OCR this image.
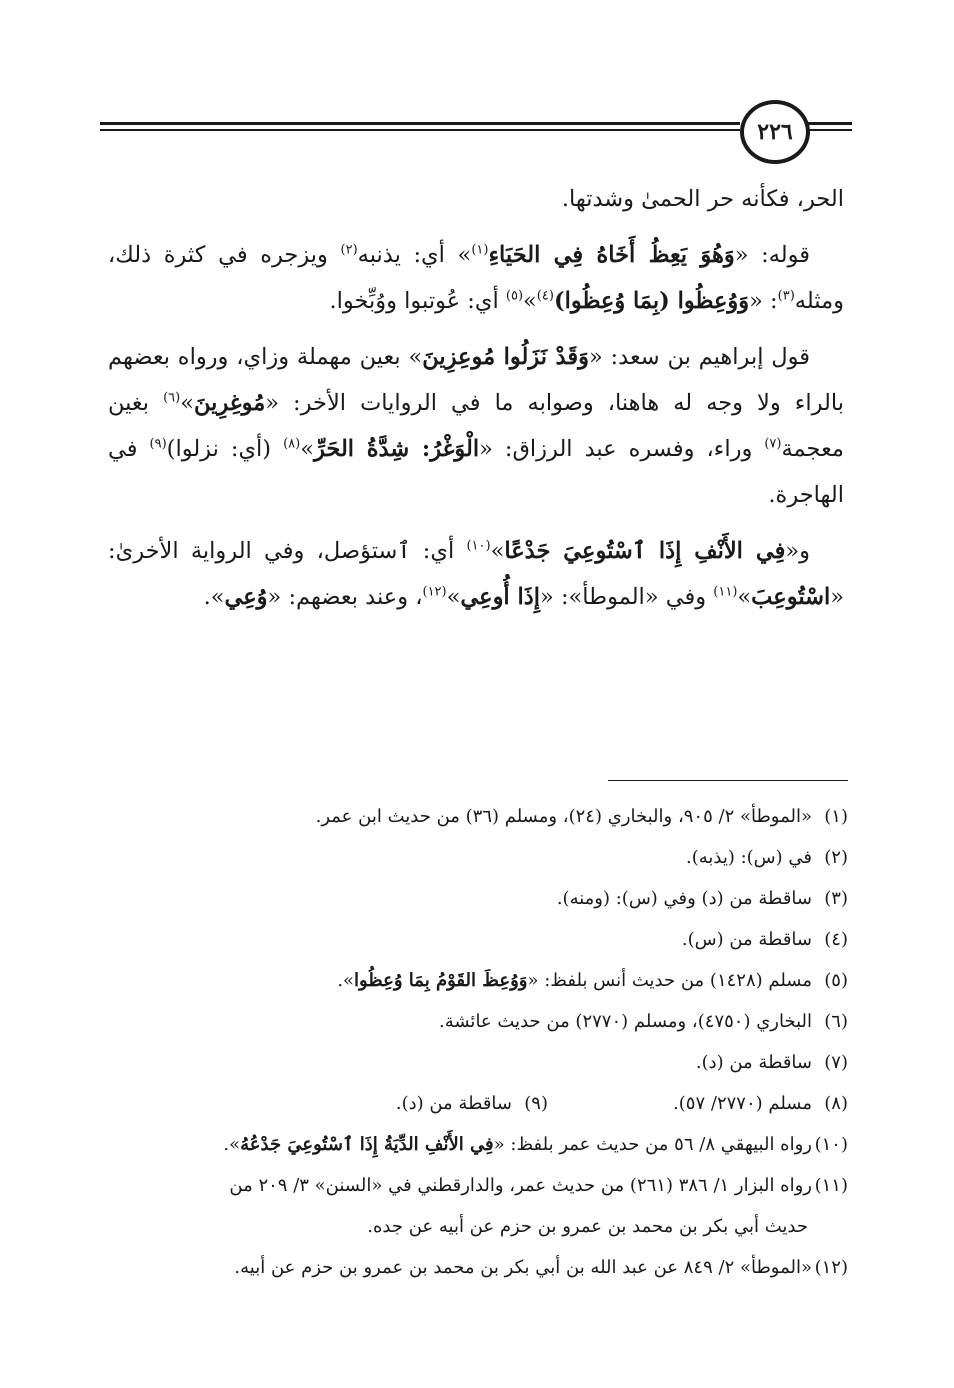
٢٢٦

الحر، فكأنه حر الحمىٰ وشدتها.

قوله: «وَهُوَ يَعِظُ أَخَاهُ فِي الحَيَاءِ$^{(١)}$» أي: يذنبه$^{(٢)}$ ويزجره في كثرة ذلك، ومثله$^{(٣)}$: «وَوُعِظُوا (بِمَا وُعِظُوا)$^{(٤)}$»$^{(٥)}$ أي: عُوتبوا ووُبِّخوا.

قول إبراهيم بن سعد: «وَقَدْ نَزَلُوا مُوعِزِينَ» بعين مهملة وزاي، ورواه بعضهم بالراء ولا وجه له هاهنا، وصوابه ما في الروايات الأخر: «مُوغِرِينَ»$^{(٦)}$ بغين معجمة$^{(٧)}$ وراء، وفسره عبد الرزاق: «الْوَغْرُ: شِدَّةُ الحَرِّ»$^{(٨)}$ (أي: نزلوا)$^{(٩)}$ في الهاجرة.

و«فِي الأَنْفِ إِذَا ٱسْتُوعِيَ جَدْعًا»$^{(١٠)}$ أي: ٱستؤصل، وفي الرواية الأخرىٰ: «اسْتُوعِبَ»$^{(١١)}$ وفي «الموطأ»: «إِذَا أُوعِي»$^{(١٢)}$، وعند بعضهم: «وُعِي».

(١)«الموطأ» ٢/ ٩٠٥، والبخاري (٢٤)، ومسلم (٣٦) من حديث ابن عمر.

(٢)في (س): (يذبه).

(٣)ساقطة من (د) وفي (س): (ومنه).

(٤)ساقطة من (س).

(٥)مسلم (١٤٢٨) من حديث أنس بلفظ: «وَوُعِظَ القَوْمُ بِمَا وُعِظُوا».

(٦)البخاري (٤٧٥٠)، ومسلم (٢٧٧٠) من حديث عائشة.

(٧)ساقطة من (د).

(٨)مسلم (٢٧٧٠/ ٥٧).

(٩)ساقطة من (د).

(١٠)رواه البيهقي ٨/ ٥٦ من حديث عمر بلفظ: «فِي الأَنْفِ الدِّيَةُ إِذَا ٱسْتُوعِيَ جَدْعُهُ».

(١١)رواه البزار ١/ ٣٨٦ (٢٦١) من حديث عمر، والدارقطني في «السنن» ٣/ ٢٠٩ من
حديث أبي بكر بن محمد بن عمرو بن حزم عن أبيه عن جده.

(١٢)«الموطأ» ٢/ ٨٤٩ عن عبد الله بن أبي بكر بن محمد بن عمرو بن حزم عن أبيه.
